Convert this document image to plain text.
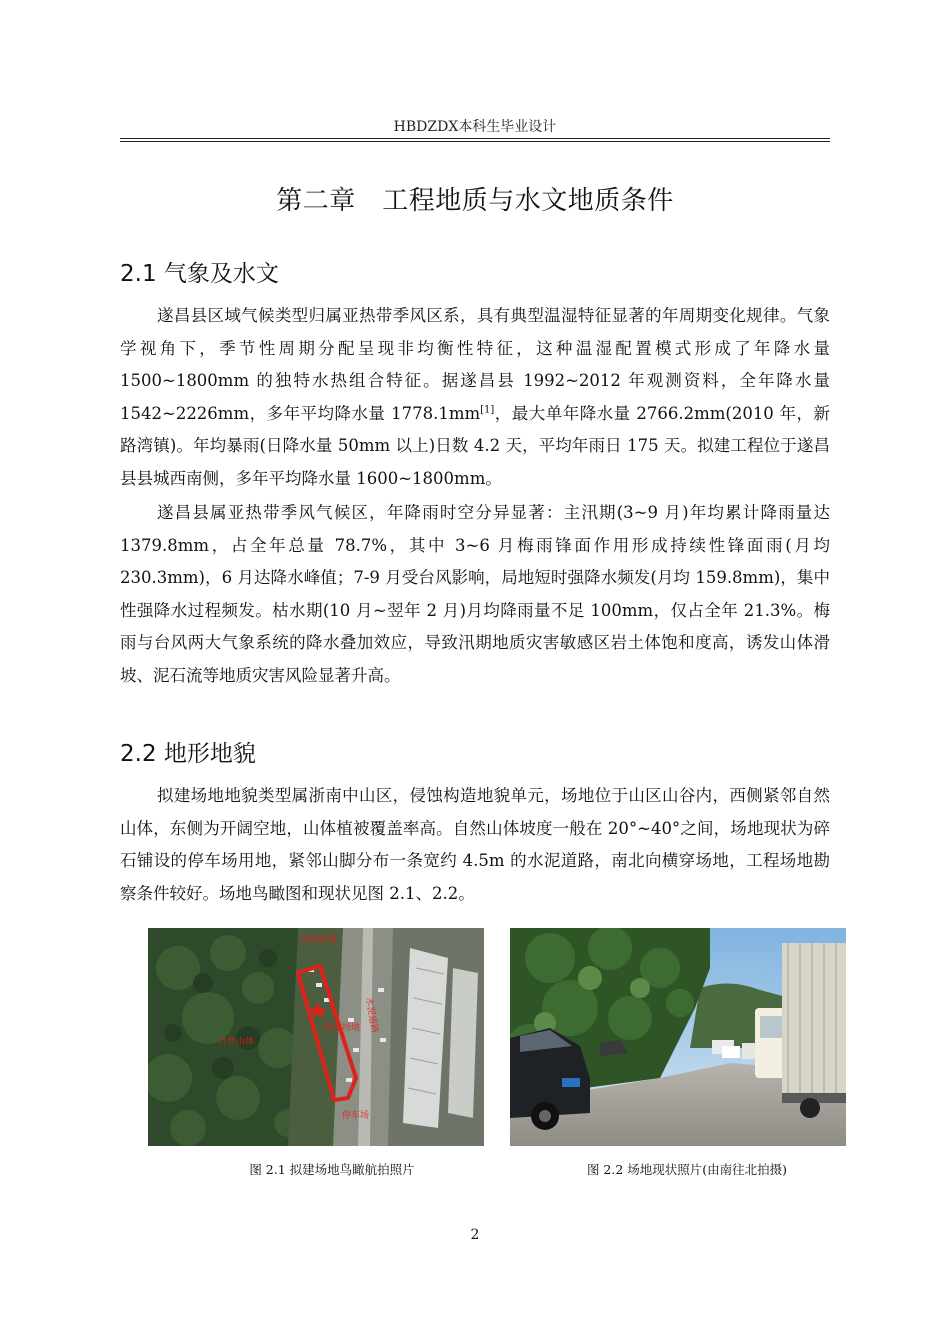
HBDZDX本科生毕业设计
第二章　工程地质与水文地质条件
2.1 气象及水文

遂昌县区域气候类型归属亚热带季风区系，具有典型温湿特征显著的年周期变化规律。气象学视角下，季节性周期分配呈现非均衡性特征，这种温湿配置模式形成了年降水量 1500~1800mm 的独特水热组合特征。据遂昌县 1992~2012 年观测资料，全年降水量 1542~2226mm，多年平均降水量 1778.1mm[1]，最大单年降水量 2766.2mm(2010 年，新路湾镇)。年均暴雨(日降水量 50mm 以上)日数 4.2 天，平均年雨日 175 天。拟建工程位于遂昌县县城西南侧，多年平均降水量 1600~1800mm。

遂昌县属亚热带季风气候区，年降雨时空分异显著：主汛期(3~9 月)年均累计降雨量达 1379.8mm，占全年总量 78.7%，其中 3~6 月梅雨锋面作用形成持续性锋面雨(月均 230.3mm)，6 月达降水峰值；7-9 月受台风影响，局地短时强降水频发(月均 159.8mm)，集中性强降水过程频发。枯水期(10 月~翌年 2 月)月均降雨量不足 100mm，仅占全年 21.3%。梅雨与台风两大气象系统的降水叠加效应，导致汛期地质灾害敏感区岩土体饱和度高，诱发山体滑坡、泥石流等地质灾害风险显著升高。

2.2 地形地貌

拟建场地地貌类型属浙南中山区，侵蚀构造地貌单元，场地位于山区山谷内，西侧紧邻自然山体，东侧为开阔空地，山体植被覆盖率高。自然山体坡度一般在 20°~40°之间，场地现状为碎石铺设的停车场用地，紧邻山脚分布一条宽约 4.5m 的水泥道路，南北向横穿场地，工程场地勘察条件较好。场地鸟瞰图和现状见图 2.1、2.2。

场地范围
自然山体
拟建场地 水泥道路
停车场
图 2.1 拟建场地鸟瞰航拍照片	图 2.2 场地现状照片(由南往北拍摄)
2
